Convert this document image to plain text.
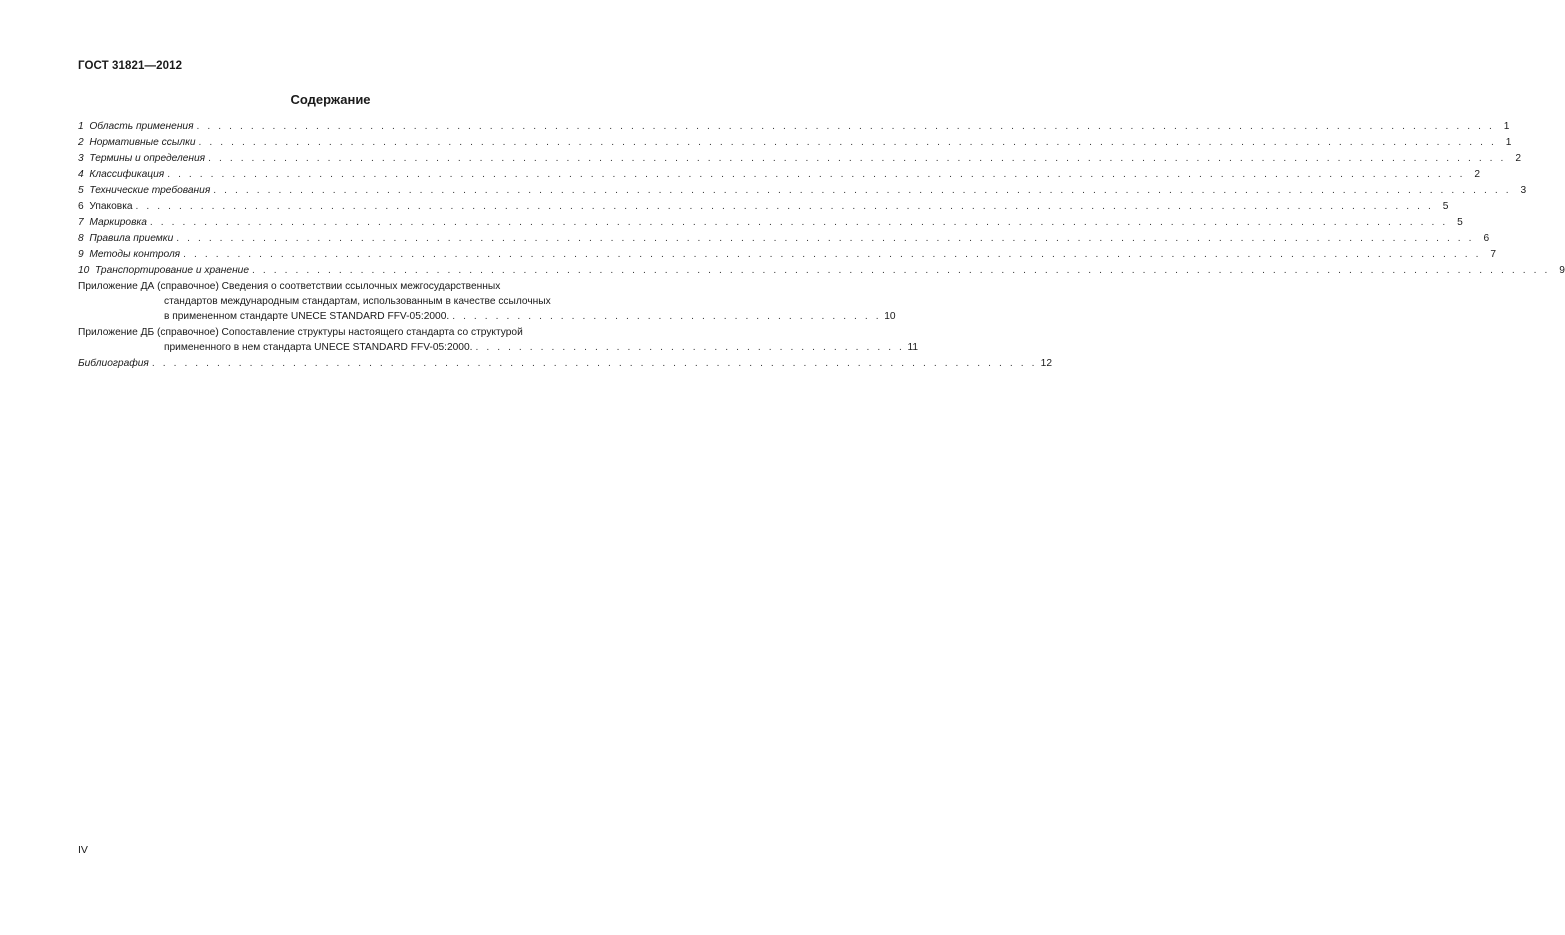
ГОСТ 31821—2012
Содержание
1 Область применения . . . . . . . . . . . . . . . . . . . . . . . . . . . . . . . . . . . . . . . . . . . . . . . . . . . . . . . . . . . . . . . . . . . . . . . . . . . . . . . . . . . . . . . . . . . . . . . . . . . . . . . . . . . . . . . . . . . . . . . . 1
2 Нормативные ссылки . . . . . . . . . . . . . . . . . . . . . . . . . . . . . . . . . . . . . . . . . . . . . . . . . . . . . . . . . . . . . . . . . . . . . . . . . . . . . . . . . . . . . . . . . . . . . . . . . . . . . . . . . . . . . . . . . . . . . . . . 1
3 Термины и определения . . . . . . . . . . . . . . . . . . . . . . . . . . . . . . . . . . . . . . . . . . . . . . . . . . . . . . . . . . . . . . . . . . . . . . . . . . . . . . . . . . . . . . . . . . . . . . . . . . . . . . . . . . . . . . . . . . . . . . . . 2
4 Классификация . . . . . . . . . . . . . . . . . . . . . . . . . . . . . . . . . . . . . . . . . . . . . . . . . . . . . . . . . . . . . . . . . . . . . . . . . . . . . . . . . . . . . . . . . . . . . . . . . . . . . . . . . . . . . . . . . . . . . . . . 2
5 Технические требования . . . . . . . . . . . . . . . . . . . . . . . . . . . . . . . . . . . . . . . . . . . . . . . . . . . . . . . . . . . . . . . . . . . . . . . . . . . . . . . . . . . . . . . . . . . . . . . . . . . . . . . . . . . . . . . . . . . . . . . . 3
6 Упаковка . . . . . . . . . . . . . . . . . . . . . . . . . . . . . . . . . . . . . . . . . . . . . . . . . . . . . . . . . . . . . . . . . . . . . . . . . . . . . . . . . . . . . . . . . . . . . . . . . . . . . . . . . . . . . . . . . . . . . . . . 5
7 Маркировка . . . . . . . . . . . . . . . . . . . . . . . . . . . . . . . . . . . . . . . . . . . . . . . . . . . . . . . . . . . . . . . . . . . . . . . . . . . . . . . . . . . . . . . . . . . . . . . . . . . . . . . . . . . . . . . . . . . . . . . . 5
8 Правила приемки . . . . . . . . . . . . . . . . . . . . . . . . . . . . . . . . . . . . . . . . . . . . . . . . . . . . . . . . . . . . . . . . . . . . . . . . . . . . . . . . . . . . . . . . . . . . . . . . . . . . . . . . . . . . . . . . . . . . . . . . 6
9 Методы контроля . . . . . . . . . . . . . . . . . . . . . . . . . . . . . . . . . . . . . . . . . . . . . . . . . . . . . . . . . . . . . . . . . . . . . . . . . . . . . . . . . . . . . . . . . . . . . . . . . . . . . . . . . . . . . . . . . . . . . . . . 7
10 Транспортирование и хранение . . . . . . . . . . . . . . . . . . . . . . . . . . . . . . . . . . . . . . . . . . . . . . . . . . . . . . . . . . . . . . . . . . . . . . . . . . . . . . . . . . . . . . . . . . . . . . . . . . . . . . . . . . . . . . . . . . . . . . . . 9
Приложение ДА (справочное) Сведения о соответствии ссылочных межгосударственных
стандартов международным стандартам, использованным в качестве ссылочных
в примененном стандарте UNECE STANDARD FFV-05:2000. . . . . . . . . . . . . . . . . . . . . . . . . . . . . . . . . . . . . . . . . 10
Приложение ДБ (справочное) Сопоставление структуры настоящего стандарта со структурой
примененного в нем стандарта UNECE STANDARD FFV-05:2000. . . . . . . . . . . . . . . . . . . . . . . . . . . . . . . . . . . . . . . . . 11
Библиография . . . . . . . . . . . . . . . . . . . . . . . . . . . . . . . . . . . . . . . . . . . . . . . . . . . . . . . . . . . . . . . . . . . . . . . . . . . . . . . . . . 12
IV
